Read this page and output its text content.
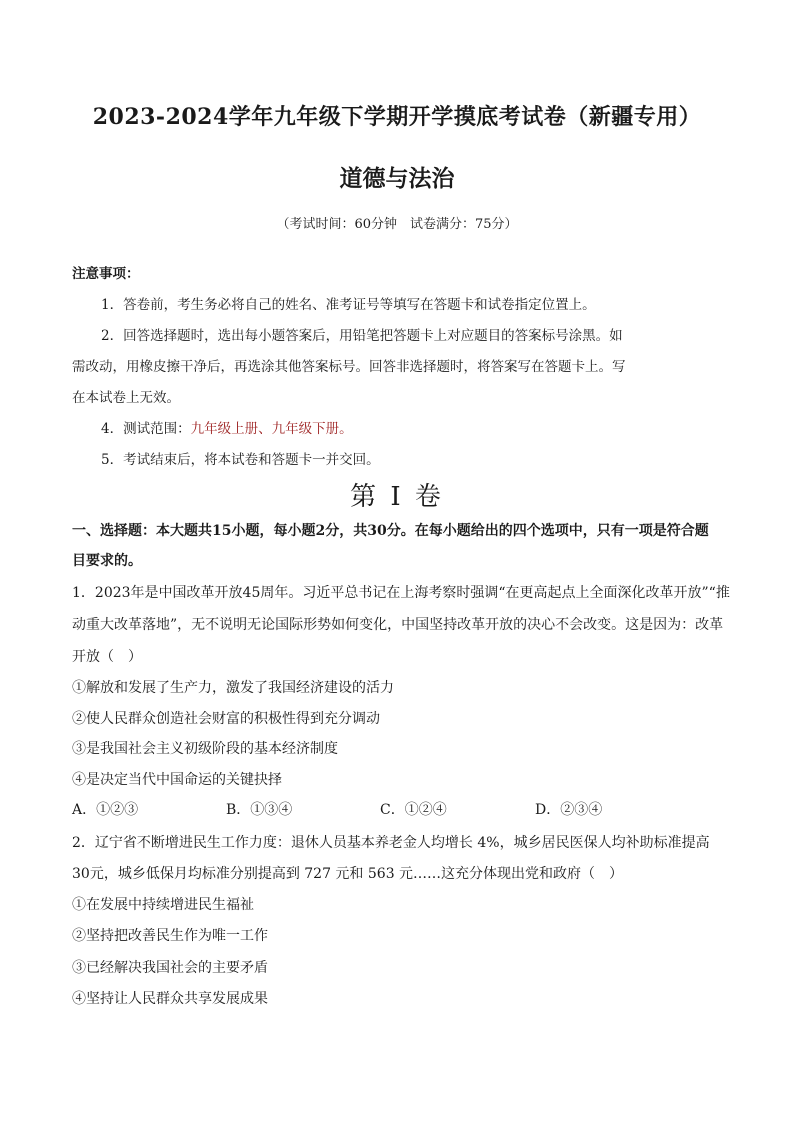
2023-2024学年九年级下学期开学摸底考试卷（新疆专用）
道德与法治
（考试时间：60分钟　试卷满分：75分）
注意事项：
1．答卷前，考生务必将自己的姓名、准考证号等填写在答题卡和试卷指定位置上。
2．回答选择题时，选出每小题答案后，用铅笔把答题卡上对应题目的答案标号涂黑。如
需改动，用橡皮擦干净后，再选涂其他答案标号。回答非选择题时，将答案写在答题卡上。写
在本试卷上无效。
4．测试范围：九年级上册、九年级下册。
5．考试结束后，将本试卷和答题卡一并交回。
第 I 卷
一、选择题：本大题共15小题，每小题2分，共30分。在每小题给出的四个选项中，只有一项是符合题
目要求的。
1．2023年是中国改革开放45周年。习近平总书记在上海考察时强调“在更高起点上全面深化改革开放”“推
动重大改革落地”，无不说明无论国际形势如何变化，中国坚持改革开放的决心不会改变。这是因为：改革
开放（　）
①解放和发展了生产力，激发了我国经济建设的活力
②使人民群众创造社会财富的积极性得到充分调动
③是我国社会主义初级阶段的基本经济制度
④是决定当代中国命运的关键抉择
A．①②③	B．①③④	C．①②④	D．②③④
2．辽宁省不断增进民生工作力度：退休人员基本养老金人均增长 4%，城乡居民医保人均补助标准提高
30元，城乡低保月均标准分别提高到 727 元和 563 元……这充分体现出党和政府（　）
①在发展中持续增进民生福祉
②坚持把改善民生作为唯一工作
③已经解决我国社会的主要矛盾
④坚持让人民群众共享发展成果
